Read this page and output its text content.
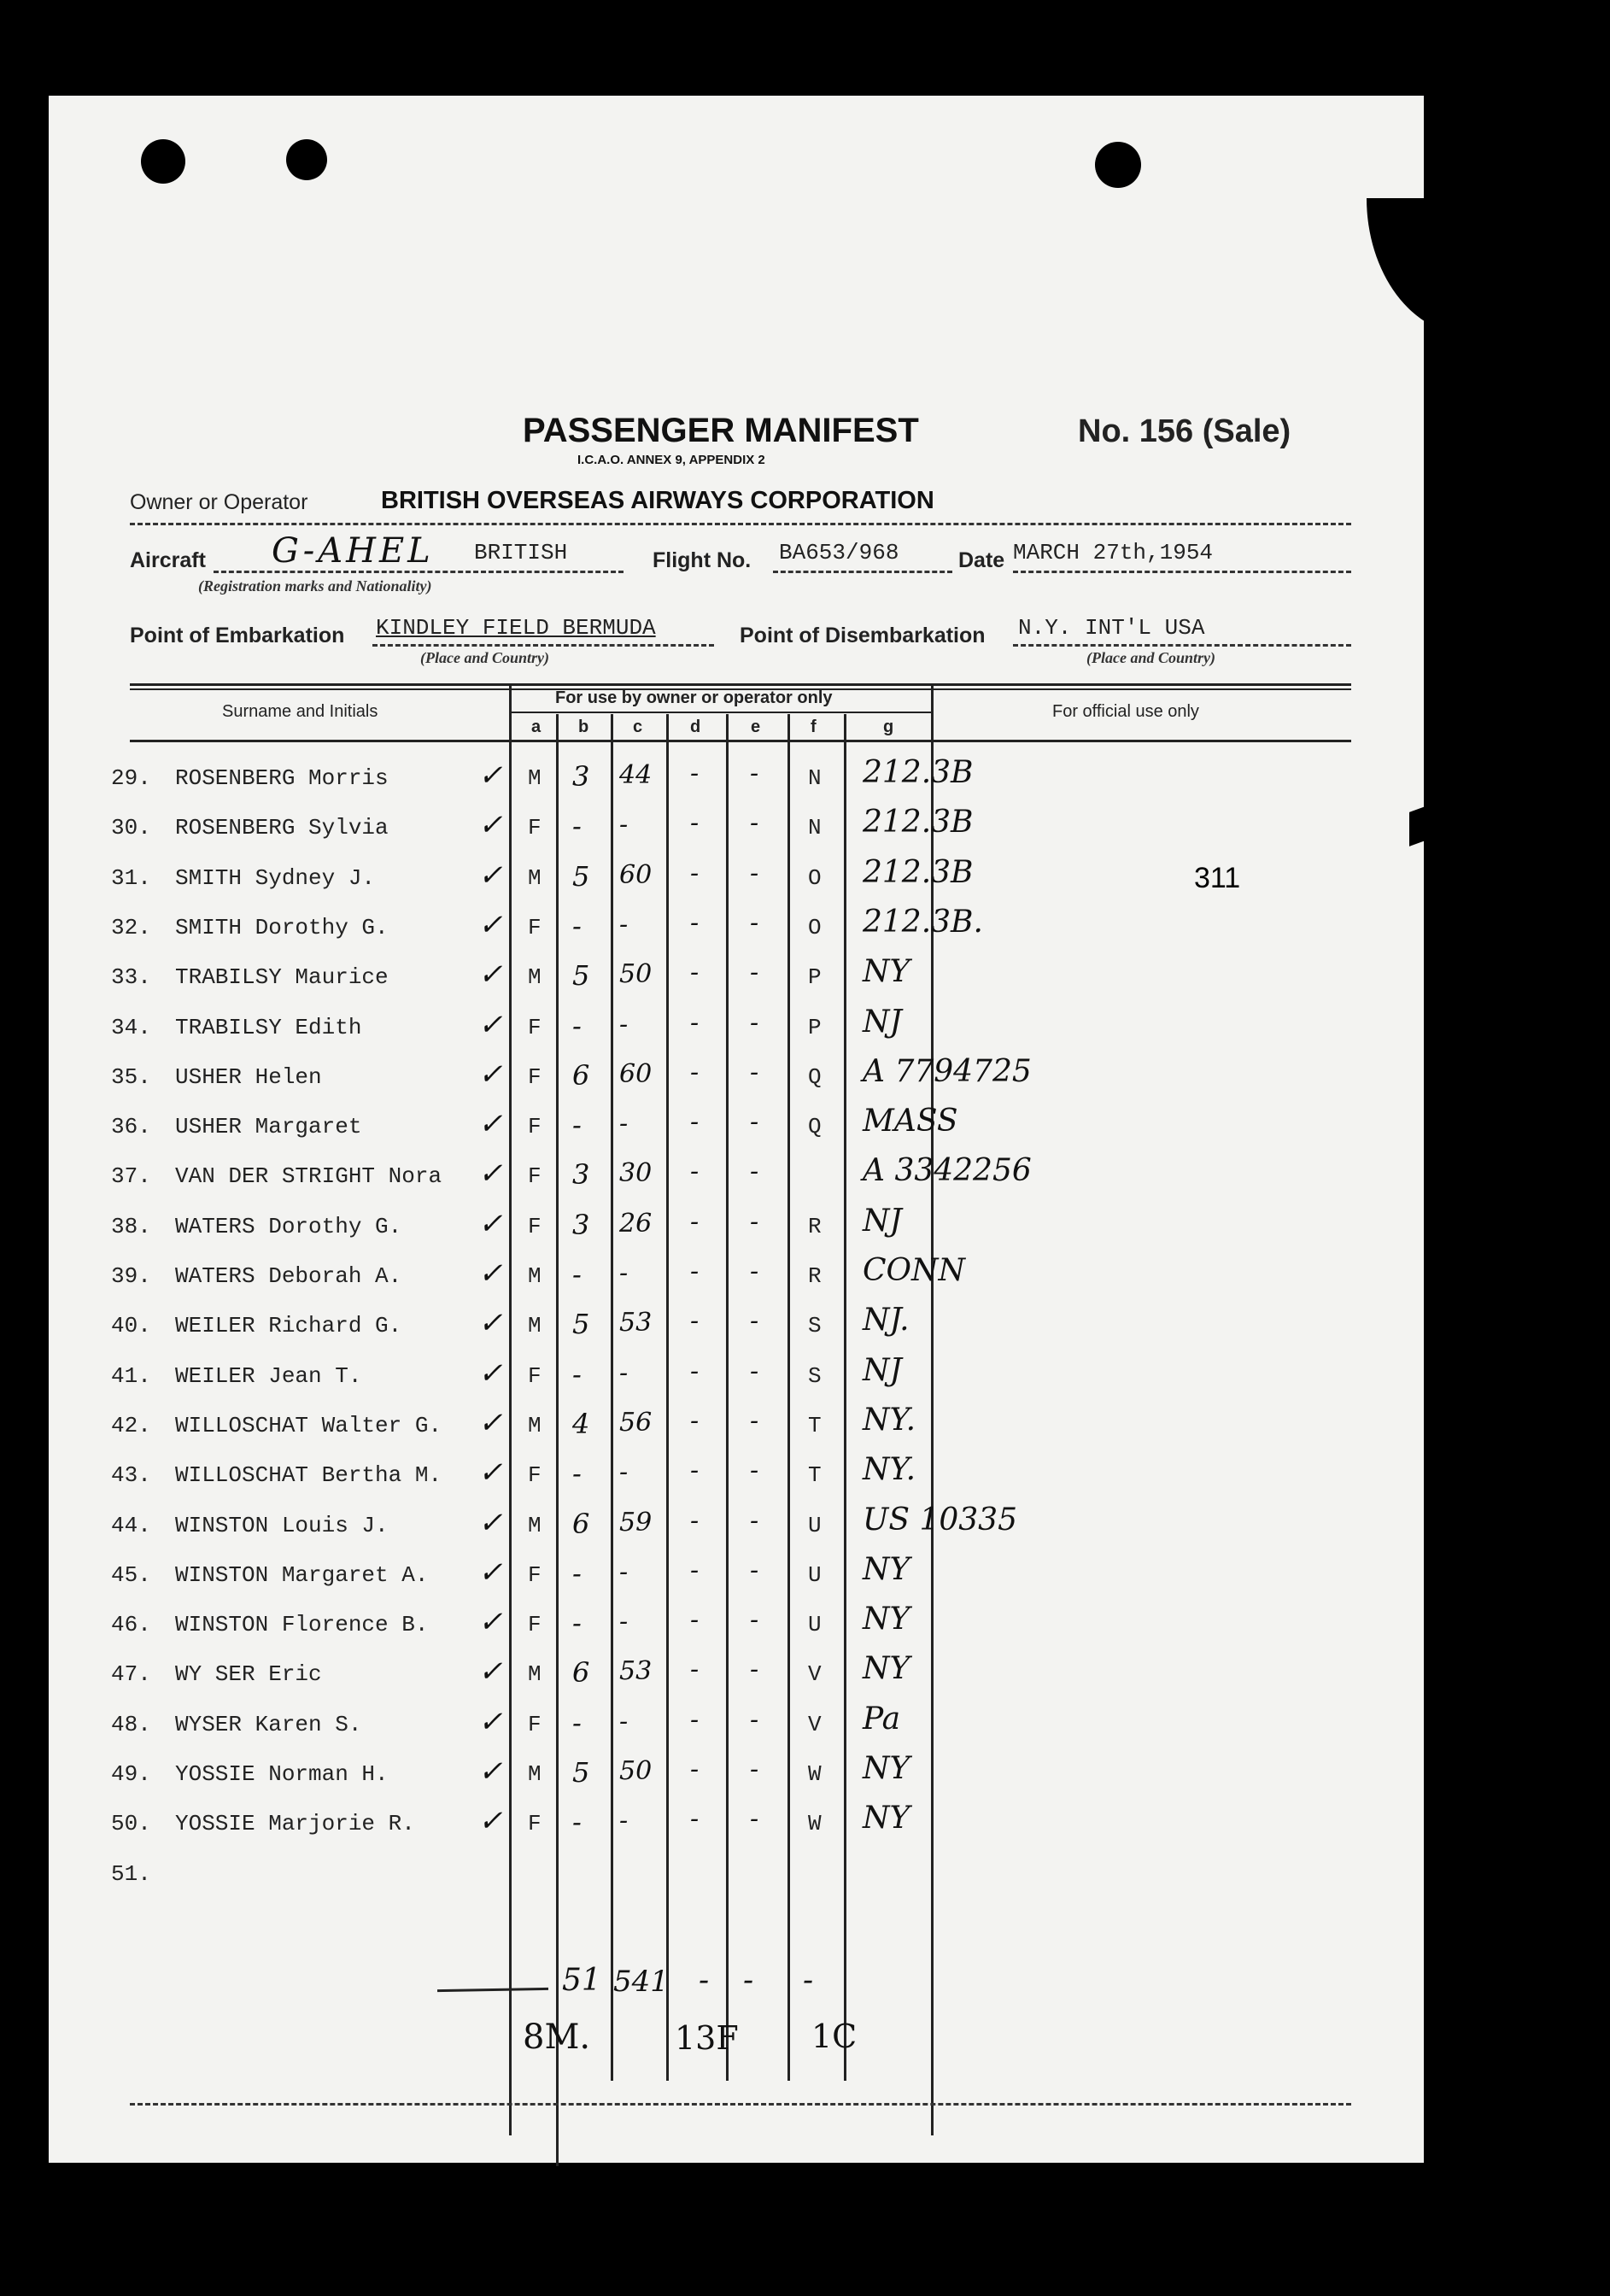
PASSENGER MANIFEST	No. 156 (Sale)
I.C.A.O. ANNEX 9, APPENDIX 2
Owner or Operator	BRITISH OVERSEAS AIRWAYS CORPORATION
Aircraft G-AHEL BRITISH
(Registration marks and Nationality)
Flight No. BA653/968	Date MARCH 27th,1954
Point of Embarkation KINDLEY FIELD BERMUDA
(Place and Country)
Point of Disembarkation N.Y. INT'L USA
(Place and Country)
Surname and Initials
For use by owner or operator only
For official use only
a b	c	d	e	f	g
29. ROSENBERG Morris	M 3 44 - - N 212.3B
✓
30. ROSENBERG Sylvia	F - - - - N 212.3B
✓
31. SMITH Sydney J.	M 5 60 - - O 212.3B	311
✓
32. SMITH Dorothy G.	F - - - - O 212.3B.
✓
33. TRABILSY Maurice	M 5 50 - - P NY
✓
34. TRABILSY Edith	F - - - - P NJ
✓
35. USHER Helen	F 6 60 - - Q A 7794725
✓
36. USHER Margaret	F - - - - Q MASS
✓
37. VAN DER STRIGHT Nora	F 3 30 - -	A 3342256
✓
38. WATERS Dorothy G.	F 3 26 - - R NJ
✓
39. WATERS Deborah A.	M - - - - R CONN
✓
40. WEILER Richard G.	M 5 53 - - S NJ.
✓
41. WEILER Jean T.	F - - - - S NJ
✓
42. WILLOSCHAT Walter G.	M 4 56 - - T NY.
✓
43. WILLOSCHAT Bertha M.	F - - - - T NY.
✓
44. WINSTON Louis J.	M 6 59 - - U US 10335
✓
45. WINSTON Margaret A.	F - - - - U NY
✓
46. WINSTON Florence B.	F - - - - U NY
✓
47. WY SER Eric	M 6 53 - - V NY
✓
48. WYSER Karen S.	F - - - - V Pa
✓
49. YOSSIE Norman H.	M 5 50 - - W NY
✓
50. YOSSIE Marjorie R.	F - - - - W NY
✓
51.
51 541 - - -
8M.	13F 1C
